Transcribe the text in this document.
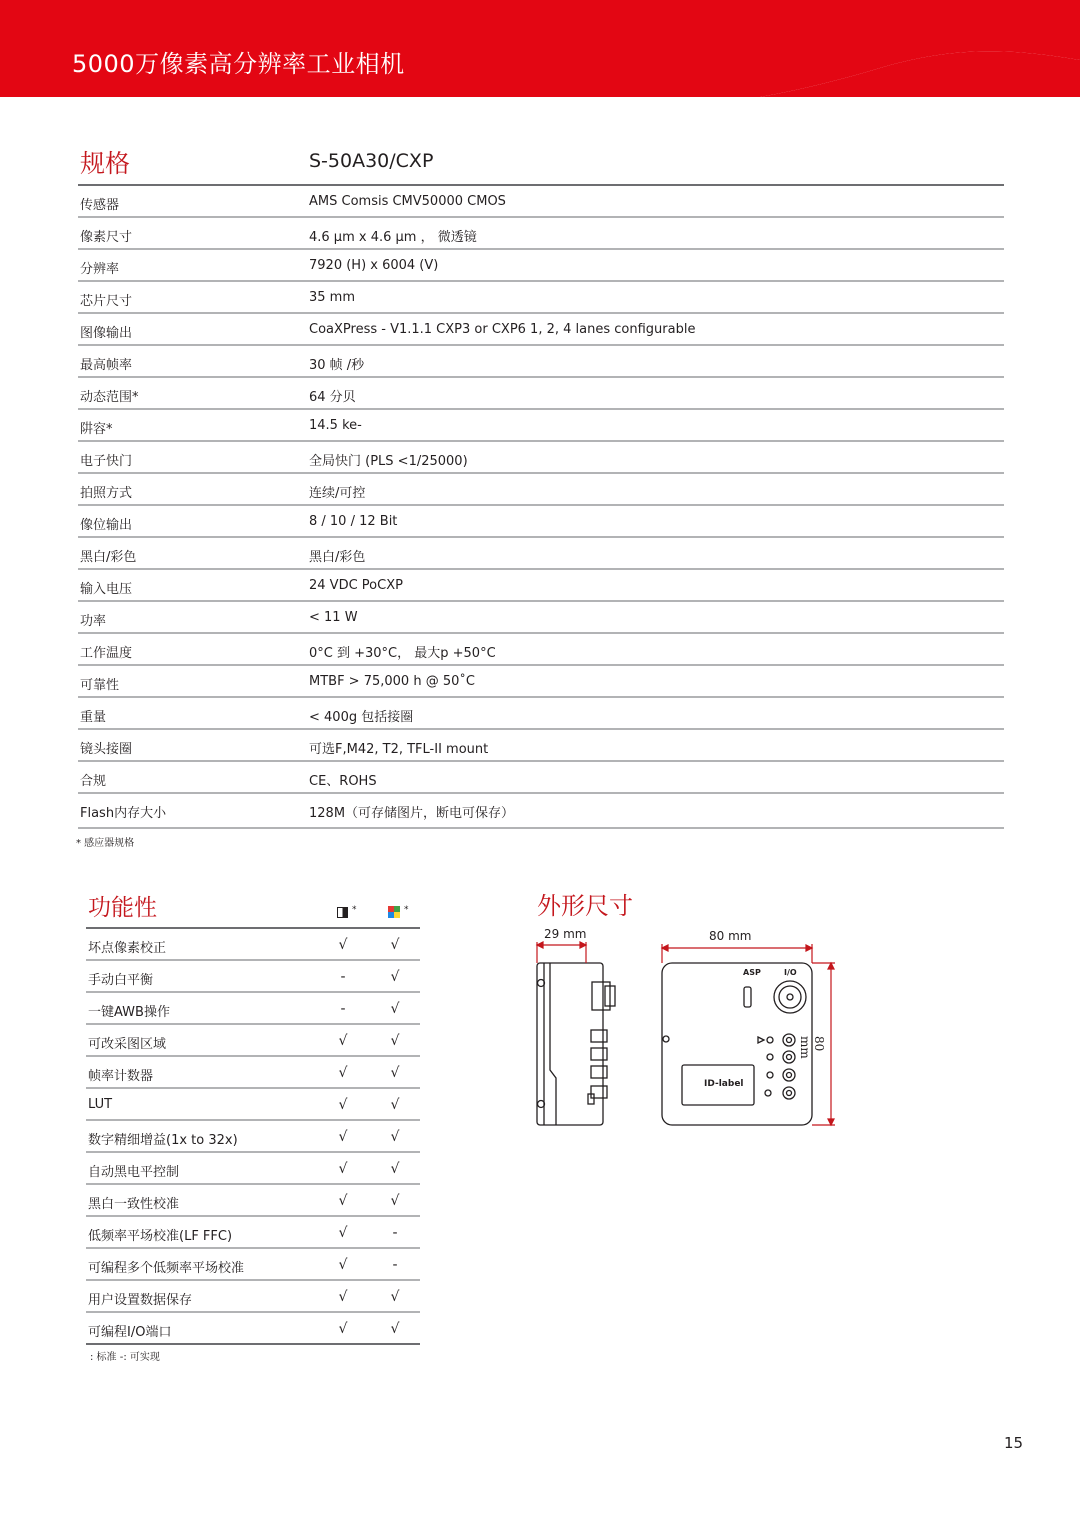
5000万像素高分辨率工业相机
规格	S-50A30/CXP
传感器	AMS Comsis CMV50000 CMOS
像素尺寸	4.6 µm x 4.6 µm ， 微透镜
分辨率	7920 (H) x 6004 (V)
芯片尺寸	35 mm
图像输出	CoaXPress - V1.1.1 CXP3 or CXP6 1, 2, 4 lanes configurable
最高帧率	30 帧 /秒
动态范围*	64 分贝
阱容*	14.5 ke-
电子快门	全局快门 (PLS <1/25000)
拍照方式	连续/可控
像位输出	8 / 10 / 12 Bit
黑白/彩色	黑白/彩色
输入电压	24 VDC PoCXP
功率	< 11 W
工作温度	0°C 到 +30°C， 最大p +50°C
可靠性	MTBF > 75,000 h @ 50˚C
重量	< 400g 包括接圈
镜头接圈	可选F,M42, T2, TFL-II mount
合规	CE、ROHS
Flash内存大小	128M（可存储图片，断电可保存）
* 感应器规格
功能性	*	*
坏点像素校正	√	√
手动白平衡	-	√
一键AWB操作	-	√
可改采图区域	√	√
帧率计数器	√	√
LUT	√	√
数字精细增益(1x to 32x)	√	√
自动黑电平控制	√	√
黑白一致性校准	√	√
低频率平场校准(LF FFC)	√	-
可编程多个低频率平场校准	√	-
用户设置数据保存	√	√
可编程I/O端口	√	√
: 标准 -: 可实现
外形尺寸
29 mm	80 mm
80 mm
ASP	I/O
ID-label
15
